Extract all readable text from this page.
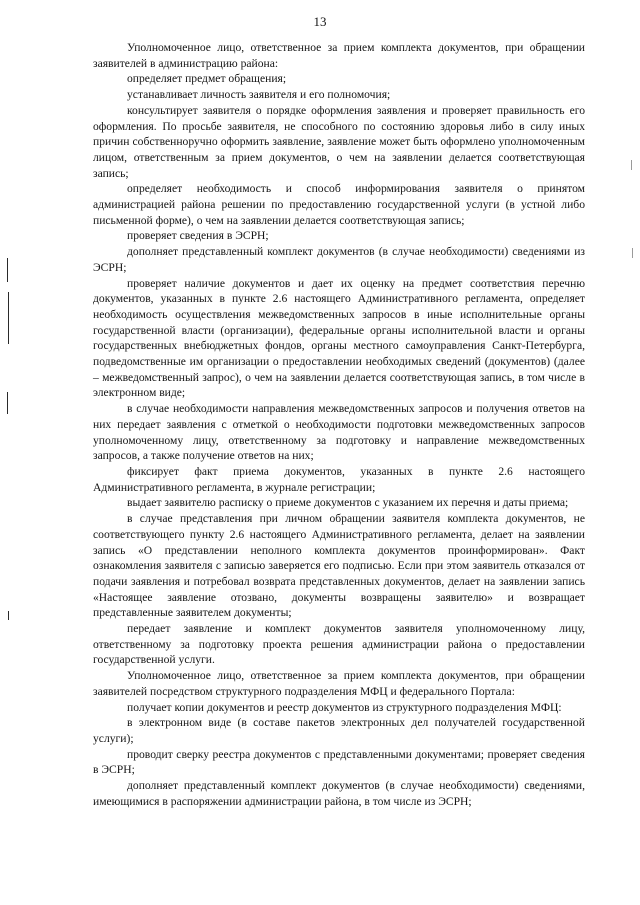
13

Уполномоченное лицо, ответственное за прием комплекта документов, при обращении заявителей в администрацию района:

определяет предмет обращения;

устанавливает личность заявителя и его полномочия;

консультирует заявителя о порядке оформления заявления и проверяет правильность его оформления. По просьбе заявителя, не способного по состоянию здоровья либо в силу иных причин собственноручно оформить заявление, заявление может быть оформлено уполномоченным лицом, ответственным за прием документов, о чем на заявлении делается соответствующая запись;

определяет необходимость и способ информирования заявителя о принятом администрацией района решении по предоставлению государственной услуги (в устной либо письменной форме), о чем на заявлении делается соответствующая запись;

проверяет сведения в ЭСРН;

дополняет представленный комплект документов (в случае необходимости) сведениями из ЭСРН;

проверяет наличие документов и дает их оценку на предмет соответствия перечню документов, указанных в пункте 2.6 настоящего Административного регламента, определяет необходимость осуществления межведомственных запросов в иные исполнительные органы государственной власти (организации), федеральные органы исполнительной власти и органы государственных внебюджетных фондов, органы местного самоуправления Санкт-Петербурга, подведомственные им организации о предоставлении необходимых сведений (документов) (далее – межведомственный запрос), о чем на заявлении делается соответствующая запись, в том числе в электронном виде;

в случае необходимости направления межведомственных запросов и получения ответов на них передает заявления с отметкой о необходимости подготовки межведомственных запросов уполномоченному лицу, ответственному за подготовку и направление межведомственных запросов, а также получение ответов на них;

фиксирует факт приема документов, указанных в пункте 2.6 настоящего Административного регламента, в журнале регистрации;

выдает заявителю расписку о приеме документов с указанием их перечня и даты приема;

в случае представления при личном обращении заявителя комплекта документов, не соответствующего пункту 2.6 настоящего Административного регламента, делает на заявлении запись «О представлении неполного комплекта документов проинформирован». Факт ознакомления заявителя с записью заверяется его подписью. Если при этом заявитель отказался от подачи заявления и потребовал возврата представленных документов, делает на заявлении запись «Настоящее заявление отозвано, документы возвращены заявителю» и возвращает представленные заявителем документы;

передает заявление и комплект документов заявителя уполномоченному лицу, ответственному за подготовку проекта решения администрации района о предоставлении государственной услуги.

Уполномоченное лицо, ответственное за прием комплекта документов, при обращении заявителей посредством структурного подразделения МФЦ и федерального Портала:

получает копии документов и реестр документов из структурного подразделения МФЦ:

в электронном виде (в составе пакетов электронных дел получателей государственной услуги);

проводит сверку реестра документов с представленными документами; проверяет сведения в ЭСРН;

дополняет представленный комплект документов (в случае необходимости) сведениями, имеющимися в распоряжении администрации района, в том числе из ЭСРН;
